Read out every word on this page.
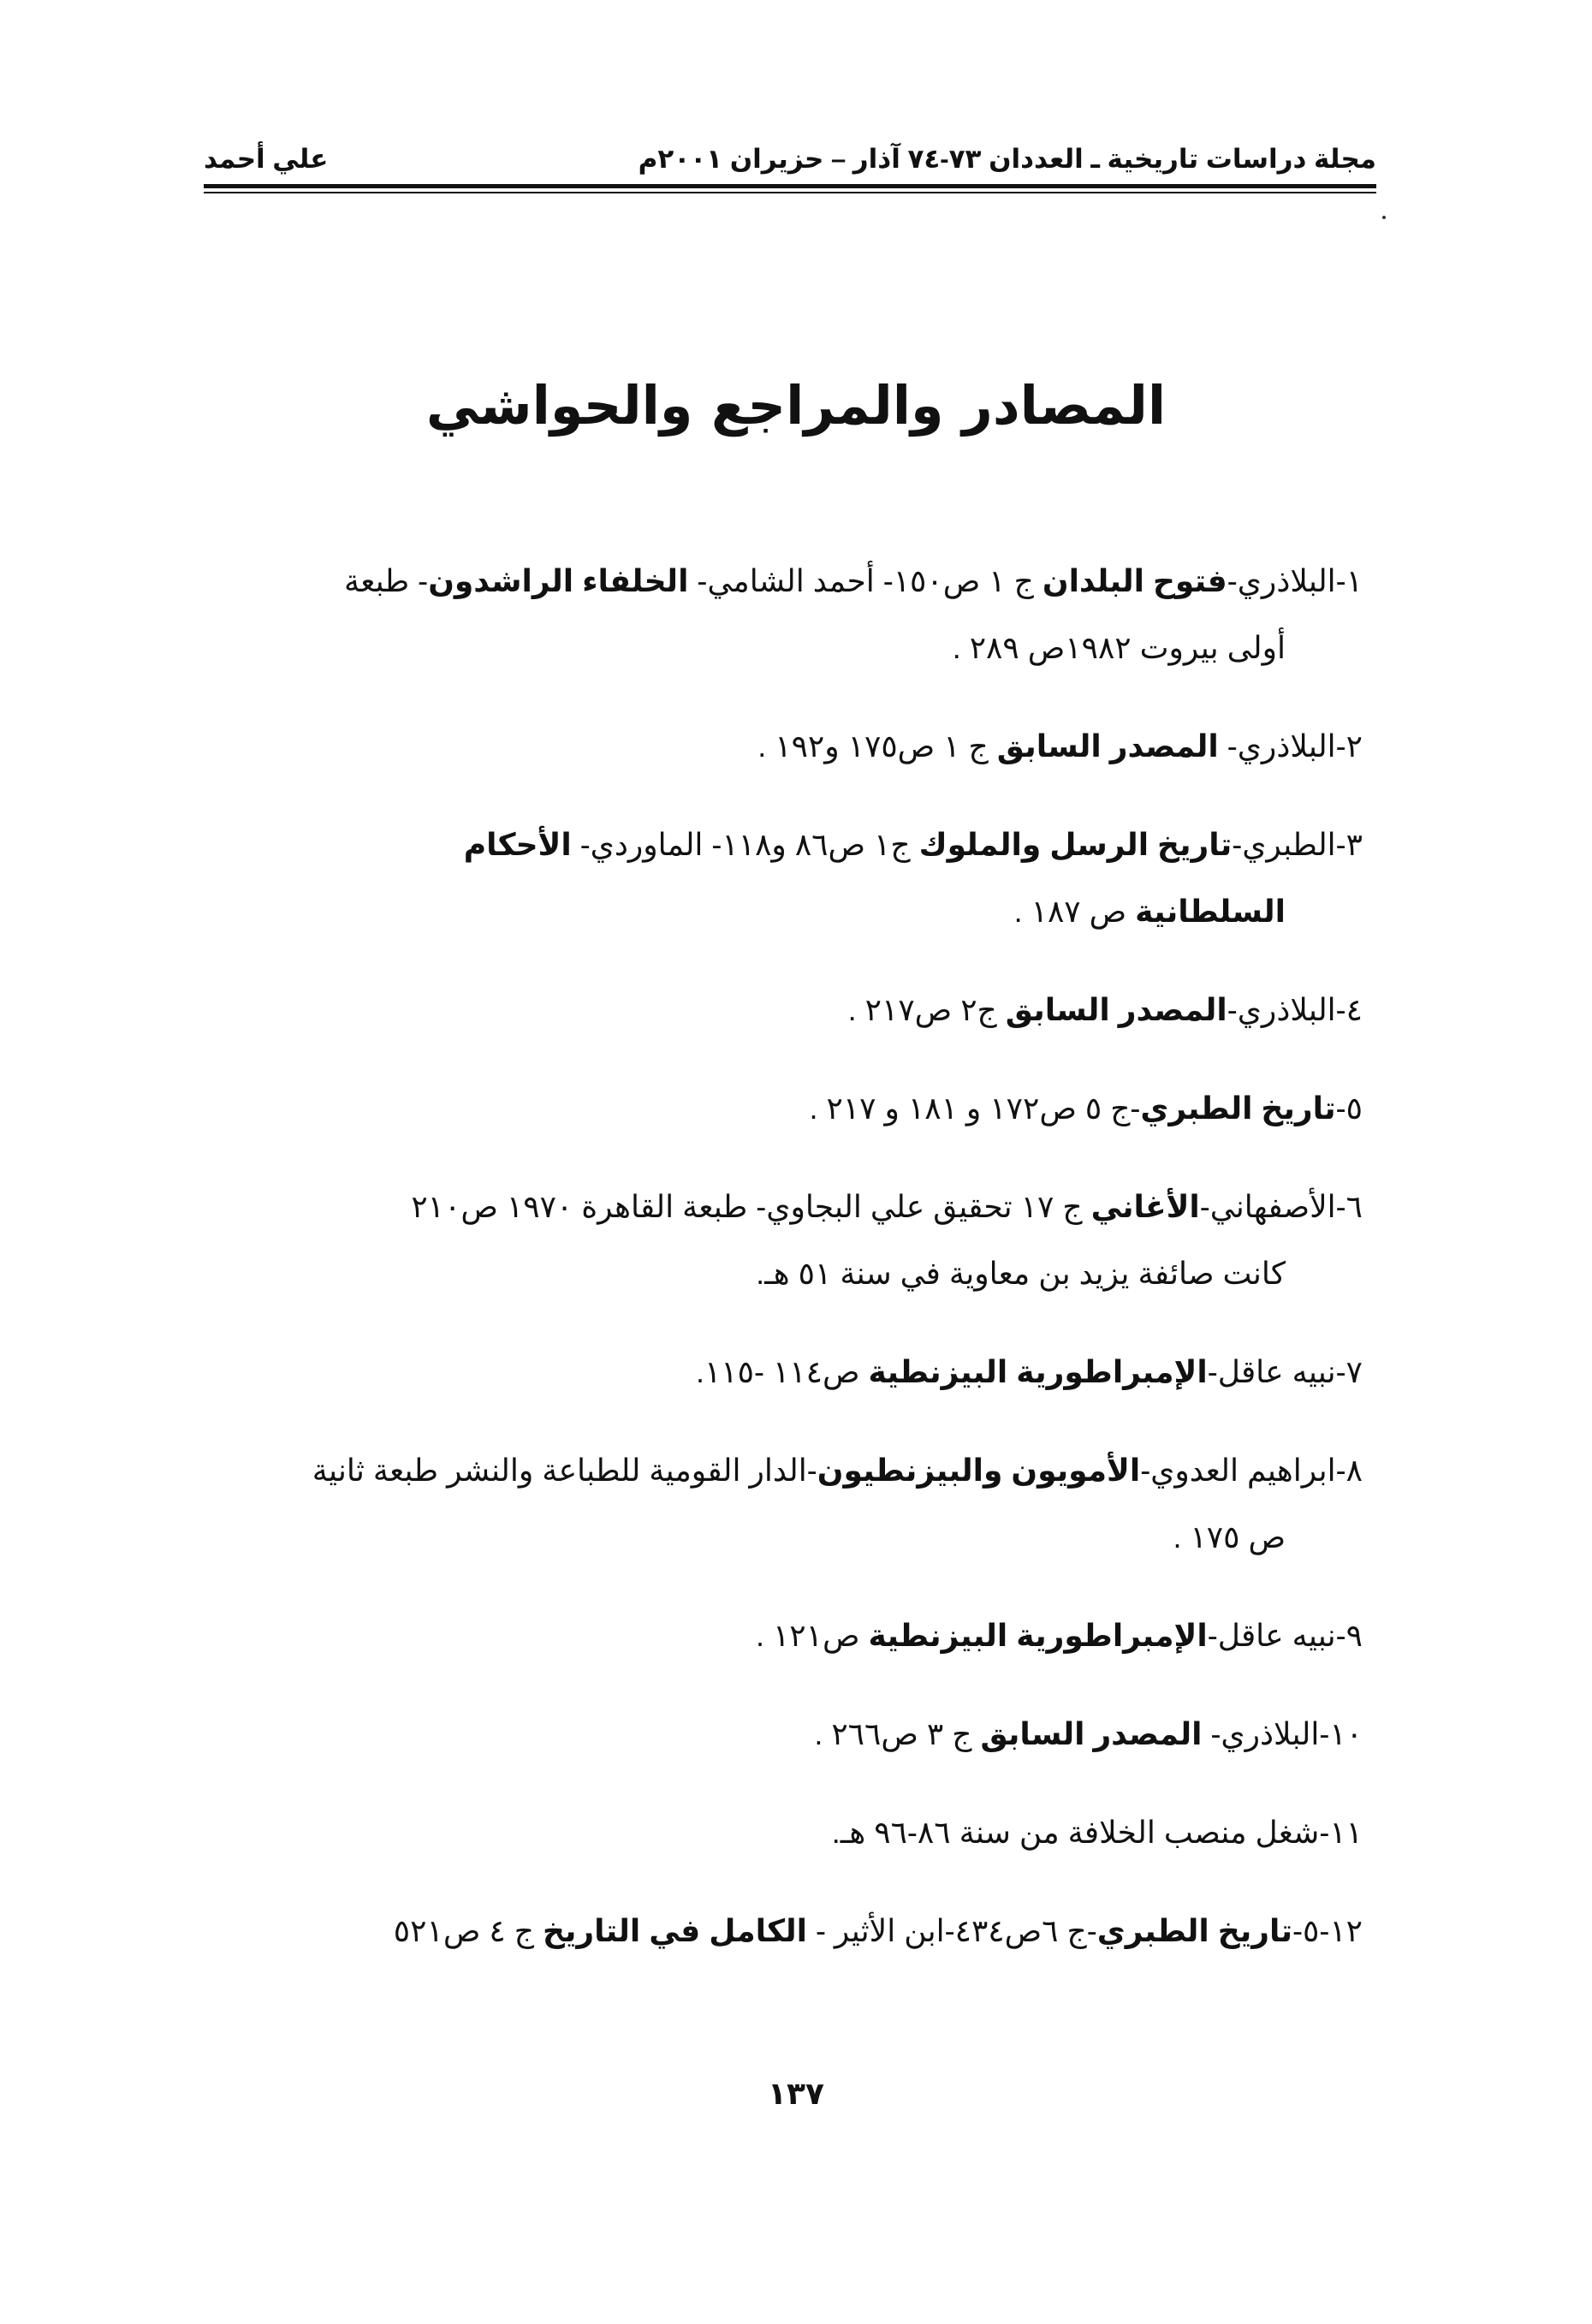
مجلة دراسات تاريخية ـ العددان ٧٣-٧٤ آذار – حزيران ٢٠٠١م
علي أحمد
المصادر والمراجع والحواشي

١-البلاذري-فتوح البلدان ج ١ ص١٥٠- أحمد الشامي- الخلفاء الراشدون- طبعة
أولى بيروت ١٩٨٢ص ٢٨٩ .

٢-البلاذري- المصدر السابق ج ١ ص١٧٥ و١٩٢ .

٣-الطبري-تاريخ الرسل والملوك ج١ ص٨٦ و١١٨- الماوردي- الأحكام
السلطانية ص ١٨٧ .

٤-البلاذري-المصدر السابق ج٢ ص٢١٧ .

٥-تاريخ الطبري-ج ٥ ص١٧٢ و ١٨١ و ٢١٧ .

٦-الأصفهاني-الأغاني ج ١٧ تحقيق علي البجاوي- طبعة القاهرة ١٩٧٠ ص٢١٠
كانت صائفة يزيد بن معاوية في سنة ٥١ هـ.

٧-نبيه عاقل-الإمبراطورية البيزنطية ص١١٤ -١١٥.

٨-ابراهيم العدوي-الأمويون والبيزنطيون-الدار القومية للطباعة والنشر طبعة ثانية
ص ١٧٥ .

٩-نبيه عاقل-الإمبراطورية البيزنطية ص١٢١ .

١٠-البلاذري- المصدر السابق ج ٣ ص٢٦٦ .

١١-شغل منصب الخلافة من سنة ٨٦-٩٦ هـ.

١٢-٥-تاريخ الطبري-ج ٦ص٤٣٤-ابن الأثير - الكامل في التاريخ ج ٤ ص٥٢١

١٣٧
